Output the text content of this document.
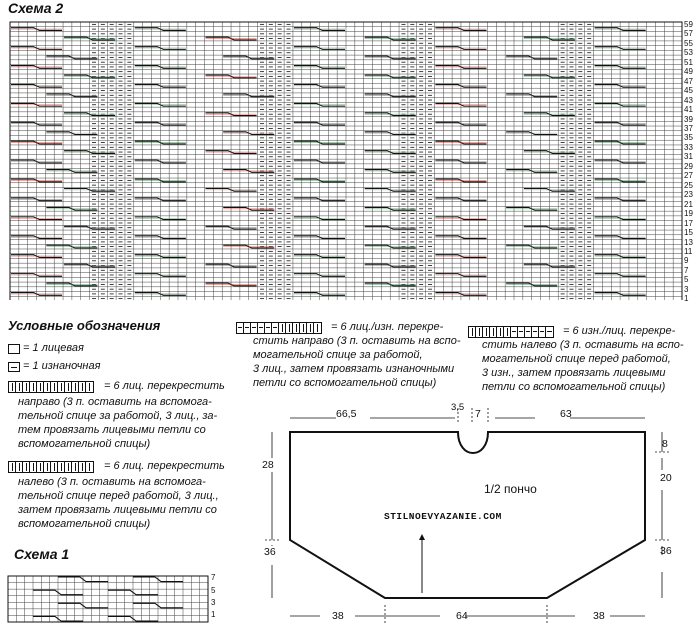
Схема 2
59
57
55
53
51
49
47
45
43
41
39
37
35
33
31
29
27
25
23
21
19
17
15
13
11
9
7
5
3
1
Условные обозначения
= 1 лицевая
= 1 изнаночная
= 6 лиц. перекрестить
направо (3 п. оставить на вспомога-
тельной спице за работой, 3 лиц., за-
тем провязать лицевыми петли со
вспомогательной спицы)
= 6 лиц. перекрестить
налево (3 п. оставить на вспомога-
тельной спице перед работой, 3 лиц.,
затем провязать лицевыми петли со
вспомогательной спицы)
= 6 лиц./изн. перекре-
стить направо (3 п. оставить на вспо-
могательной спице за работой,
3 лиц., затем провязать изнаночными
петли со вспомогательной спицы)
= 6 изн./лиц. перекре-
стить налево (3 п. оставить на вспо-
могательной спице перед работой,
3 изн., затем провязать лицевыми
петли со вспомогательной спицы)
Схема 1
7
5
3
1
66,5
3,5
7	63
8
20
36
28
36
38	64	38
1/2 пончо
STILNOEVYAZANIE.COM
